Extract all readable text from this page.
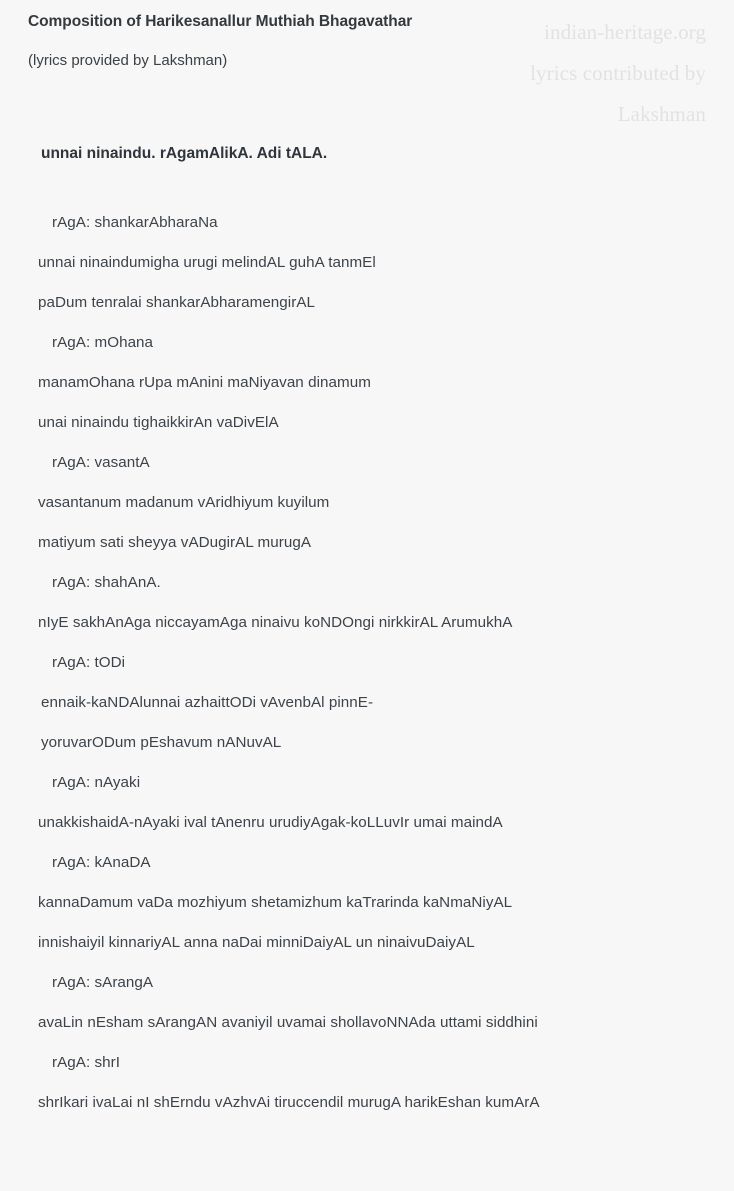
indian-heritage.org
lyrics contributed by
Lakshman
Composition of Harikesanallur Muthiah Bhagavathar
(lyrics provided by Lakshman)
unnai ninaindu. rAgamAlikA. Adi tALA.
rAgA: shankarAbharaNa
unnai ninaindumigha urugi melindAL guhA tanmEl
paDum tenralai shankarAbharamengirAL
rAgA: mOhana
manamOhana rUpa mAnini maNiyavan dinamum
unai ninaindu tighaikkirAn vaDivElA
rAgA: vasantA
vasantanum madanum vAridhiyum kuyilum
matiyum sati sheyya vADugirAL murugA
rAgA: shahAnA.
nIyE sakhAnAga niccayamAga ninaivu koNDOngi nirkkirAL ArumukhA
rAgA: tODi
ennaik-kaNDAlunnai azhaittODi vAvenbAl pinnE-
yoruvarODum pEshavum nANuvAL
rAgA: nAyaki
unakkishaidA-nAyaki ival tAnenru urudiyAgak-koLLuvIr umai maindA
rAgA: kAnaDA
kannaDamum vaDa mozhiyum shetamizhum kaTrarinda kaNmaNiyAL
innishaiyil kinnariyAL anna naDai minniDaiyAL un ninaivuDaiyAL
rAgA: sArangA
avaLin nEsham sArangAN avaniyil uvamai shollavoNNAda uttami siddhini
rAgA: shrI
shrIkari ivaLai nI shErndu vAzhvAi tiruccendil murugA harikEshan kumArA
